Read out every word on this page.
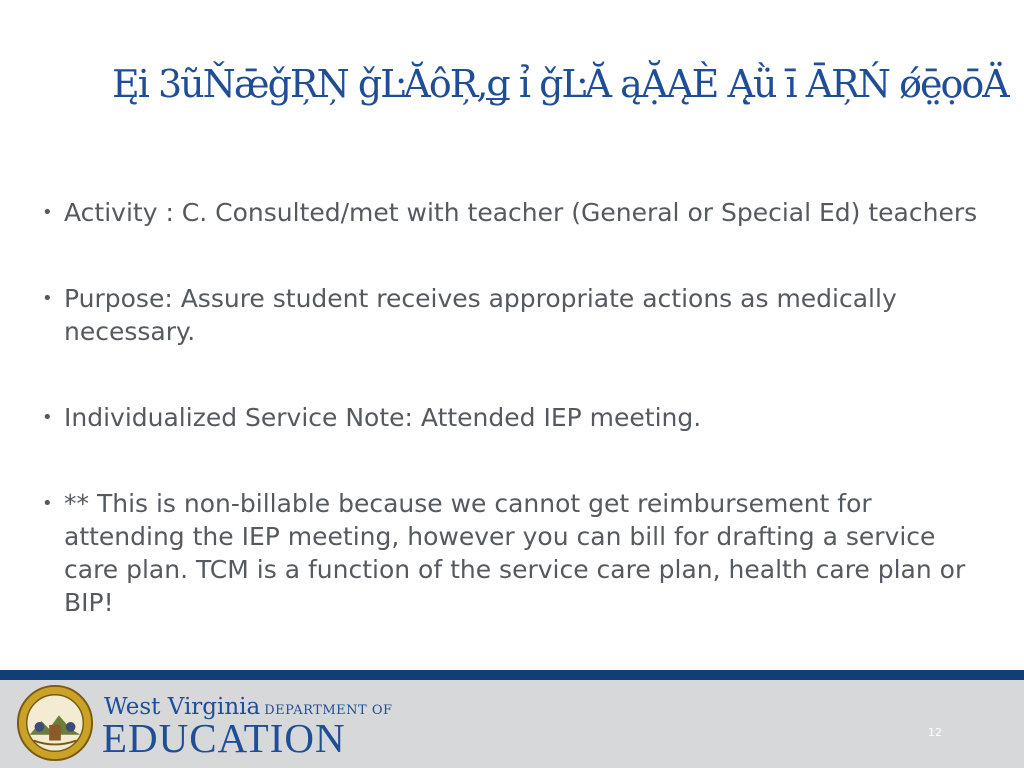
Ęi 3ũŇǣǧŖŅ ǧĿĂôŖ,ǥ ỉ ǧĿĂ ąẶĄÈ Ą̣ǜ ī ĀŖŃ ǿē̤ọōÄ
• Activity : C. Consulted/met with teacher (General or Special Ed) teachers
• Purpose: Assure student receives appropriate actions as medically necessary.
• Individualized Service Note: Attended IEP meeting.
• ** This is non-billable because we cannot get reimbursement for attending the IEP meeting, however you can bill for drafting a service care plan. TCM is a function of the service care plan, health care plan or BIP!
West Virginia DEPARTMENT OF
EDUCATION	12
